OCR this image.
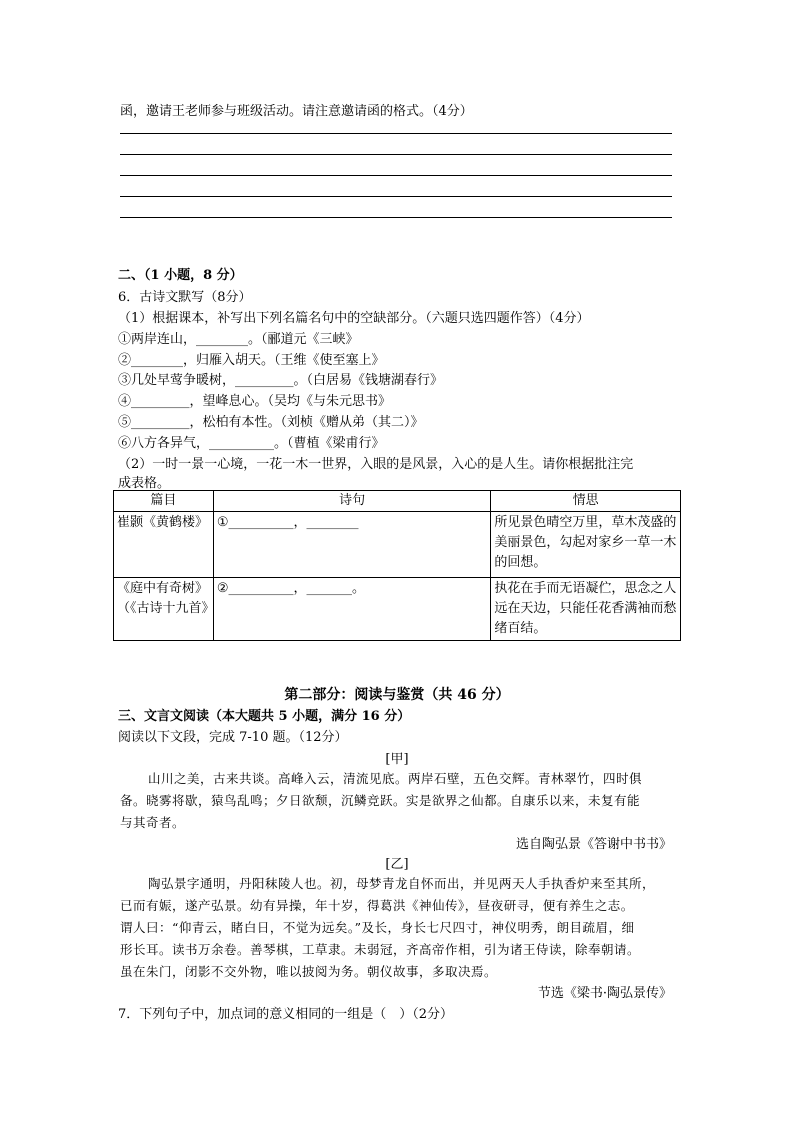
函，邀请王老师参与班级活动。请注意邀请函的格式。（4分）
二、（1 小题，8 分）
6．古诗文默写（8分）
（1）根据课本，补写出下列名篇名句中的空缺部分。（六题只选四题作答）（4分）
①两岸连山，________。（郦道元《三峡》
②________，归雁入胡天。（王维《使至塞上》
③几处早莺争暖树，_________。（白居易《钱塘湖春行》
④_________，望峰息心。（吴均《与朱元思书》
⑤_________，松柏有本性。（刘桢《赠从弟（其二）》
⑥八方各异气，__________。（曹植《梁甫行》
（2）一时一景一心境，一花一木一世界，入眼的是风景，入心的是人生。请你根据批注完
成表格。
篇目	诗句	情思
崔颢《黄鹤楼》	①__________，________	所见景色晴空万里，草木茂盛的美丽景色，勾起对家乡一草一木的回想。
《庭中有奇树》（《古诗十九首》	②__________，_______。	执花在手而无语凝伫，思念之人远在天边，只能任花香满袖而愁绪百结。
第二部分：阅读与鉴赏（共 46 分）
三、文言文阅读（本大题共 5 小题，满分 16 分）
阅读以下文段，完成 7-10 题。（12分）
[甲]
山川之美，古来共谈。高峰入云，清流见底。两岸石壁，五色交辉。青林翠竹，四时俱
备。晓雾将歇，猿鸟乱鸣；夕日欲颓，沉鳞竞跃。实是欲界之仙都。自康乐以来，未复有能
与其奇者。
选自陶弘景《答谢中书书》
[乙]
陶弘景字通明，丹阳秣陵人也。初，母梦青龙自怀而出，并见两天人手执香炉来至其所，
已而有娠，遂产弘景。幼有异操，年十岁，得葛洪《神仙传》，昼夜研寻，便有养生之志。
谓人曰：“仰青云，睹白日，不觉为远矣。”及长，身长七尺四寸，神仪明秀，朗目疏眉，细
形长耳。读书万余卷。善琴棋，工草隶。未弱冠，齐高帝作相，引为诸王侍读，除奉朝请。
虽在朱门，闭影不交外物，唯以披阅为务。朝仪故事，多取决焉。
节选《梁书·陶弘景传》
7．下列句子中，加点词的意义相同的一组是（　）（2分）
